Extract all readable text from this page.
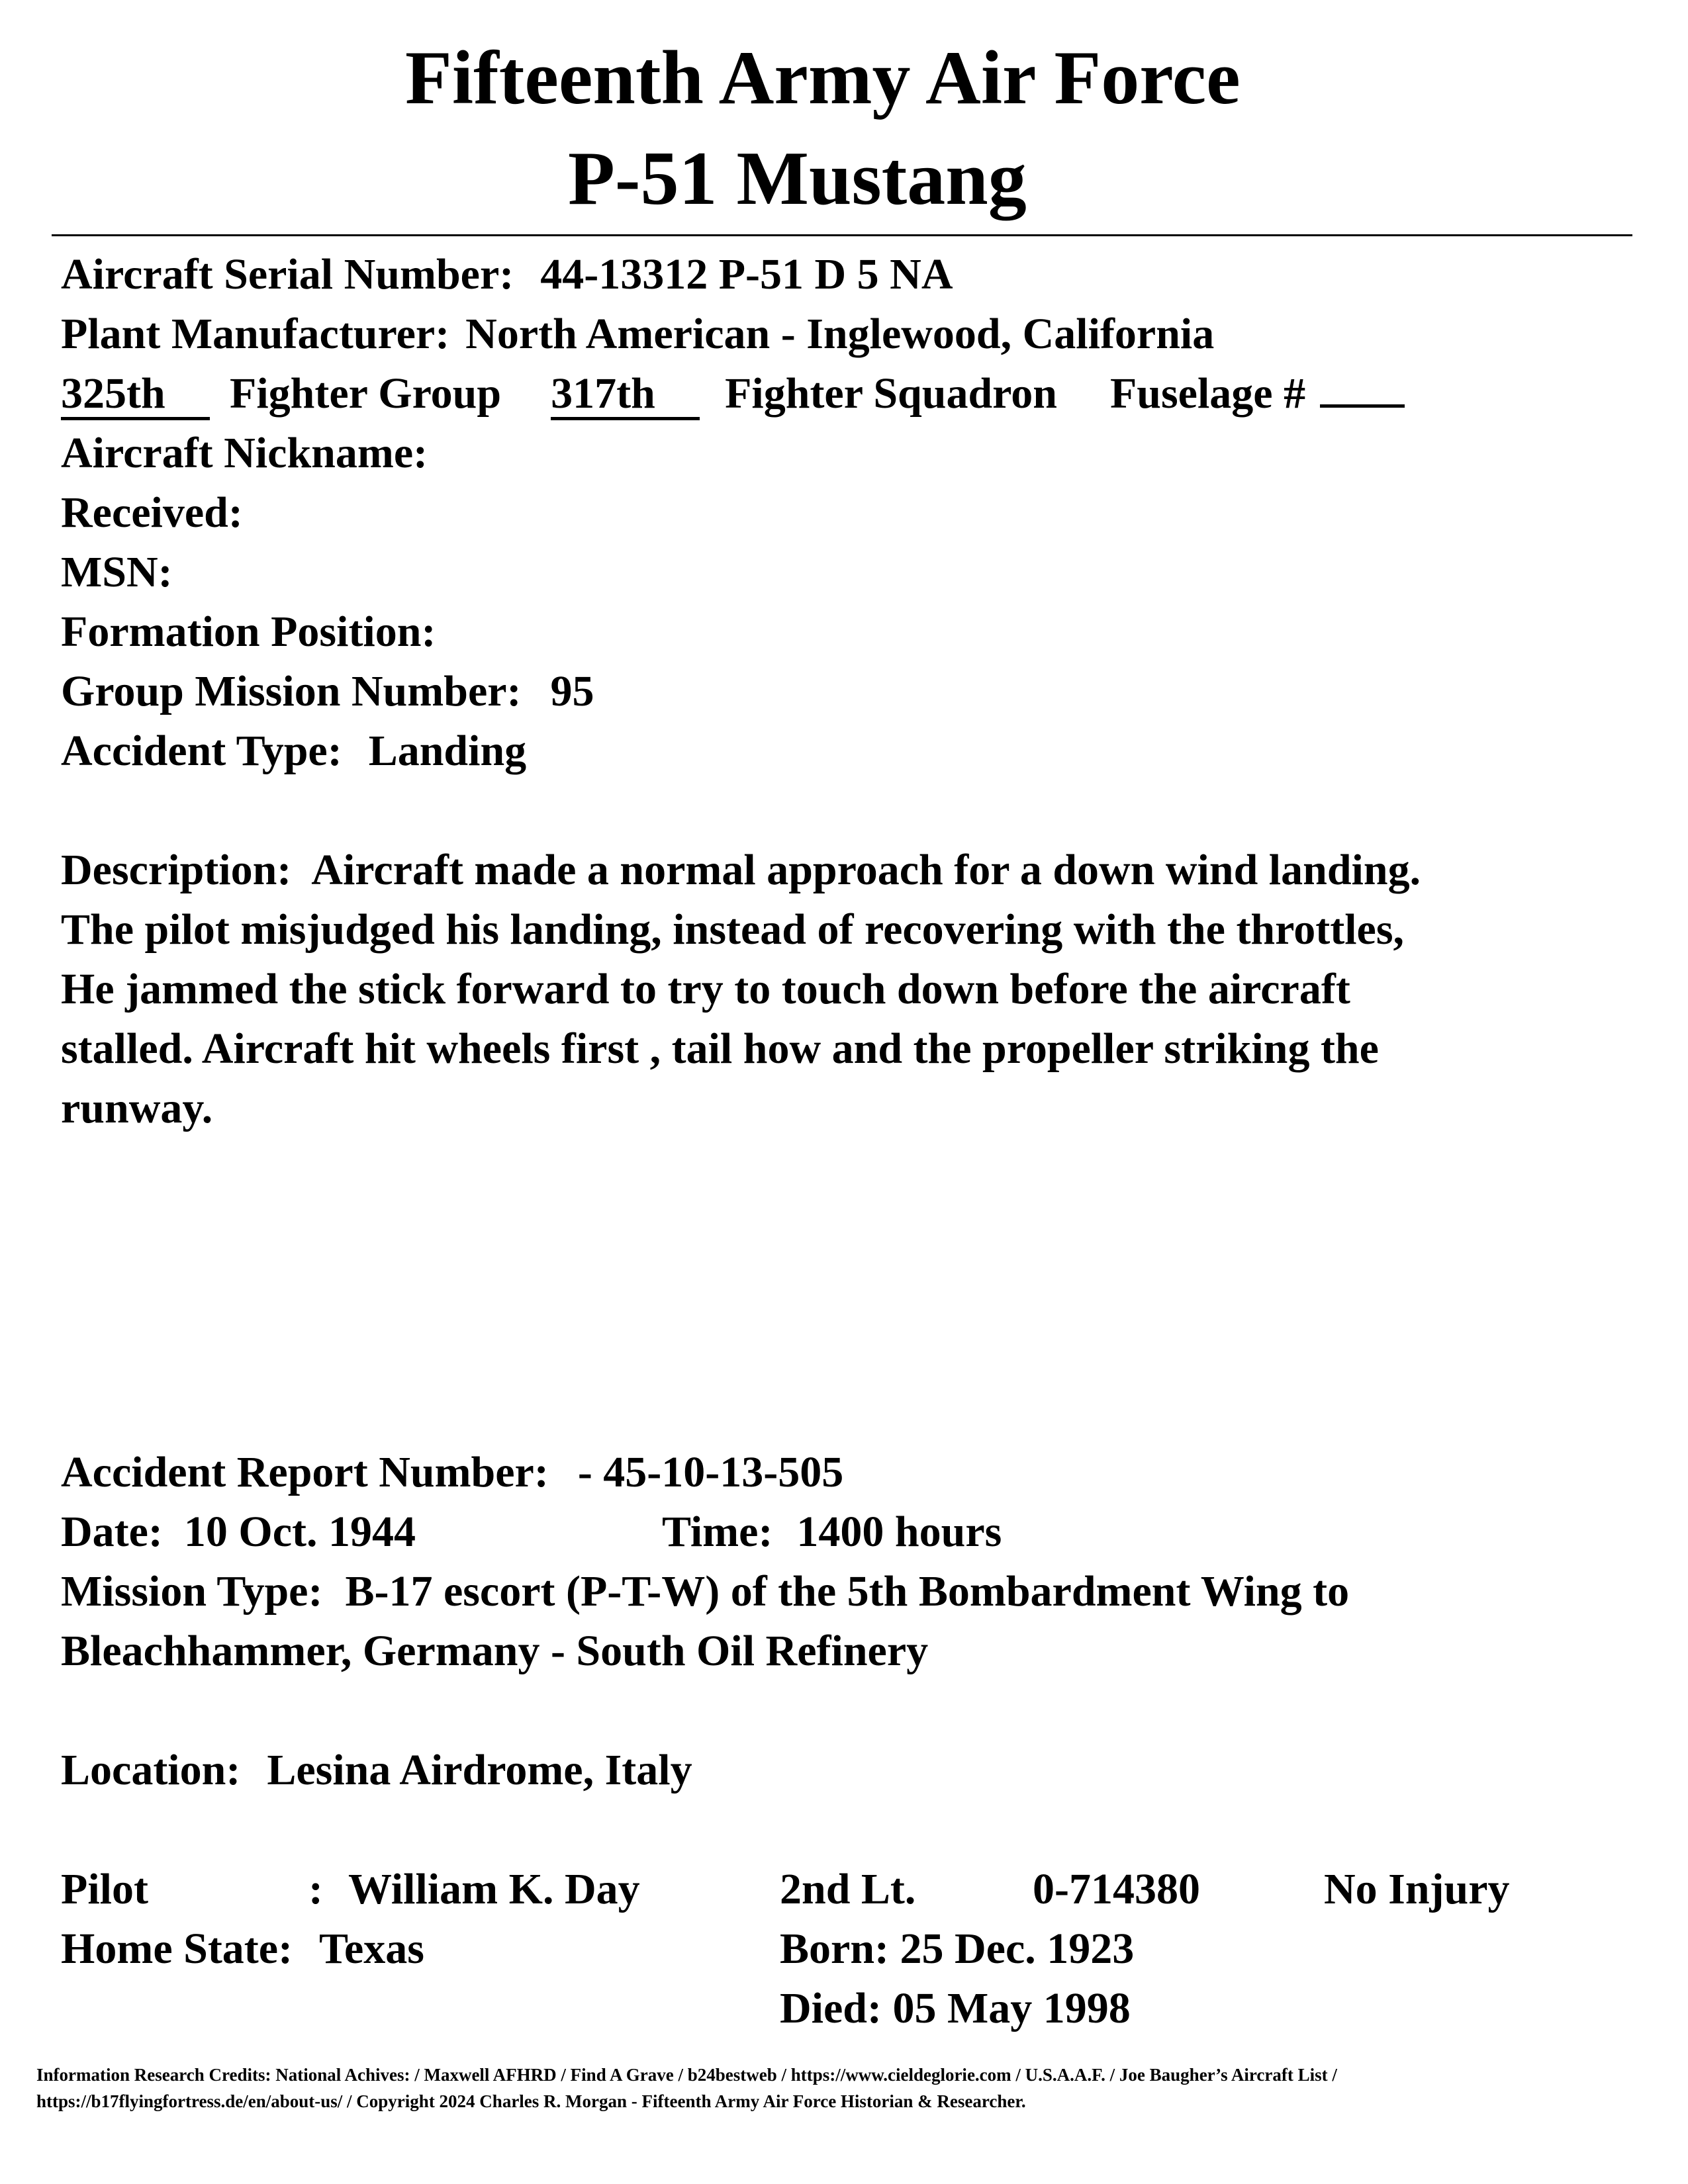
Fifteenth Army Air Force
P-51 Mustang
Aircraft Serial Number: 44-13312 P-51 D 5 NA
Plant Manufacturer: North American - Inglewood, California
325th Fighter Group 317th Fighter Squadron Fuselage #
Aircraft Nickname:
Received:
MSN:
Formation Position:
Group Mission Number: 95
Accident Type: Landing
Description: Aircraft made a normal approach for a down wind landing.
The pilot misjudged his landing, instead of recovering with the throttles,
He jammed the stick forward to try to touch down before the aircraft
stalled. Aircraft hit wheels first , tail how and the propeller striking the
runway.
Accident Report Number: - 45-10-13-505
Date: 10 Oct. 1944	Time: 1400 hours
Mission Type: B-17 escort (P-T-W) of the 5th Bombardment Wing to
Bleachhammer, Germany - South Oil Refinery
Location: Lesina Airdrome, Italy
Pilot	: William K. Day	2nd Lt.	0-714380	No Injury
Home State: Texas	Born: 25 Dec. 1923
Died: 05 May 1998
Information Research Credits: National Achives: / Maxwell AFHRD / Find A Grave / b24bestweb / https://www.cieldeglorie.com / U.S.A.A.F. / Joe Baugher’s Aircraft List /
https://b17flyingfortress.de/en/about-us/ / Copyright 2024 Charles R. Morgan - Fifteenth Army Air Force Historian & Researcher.
